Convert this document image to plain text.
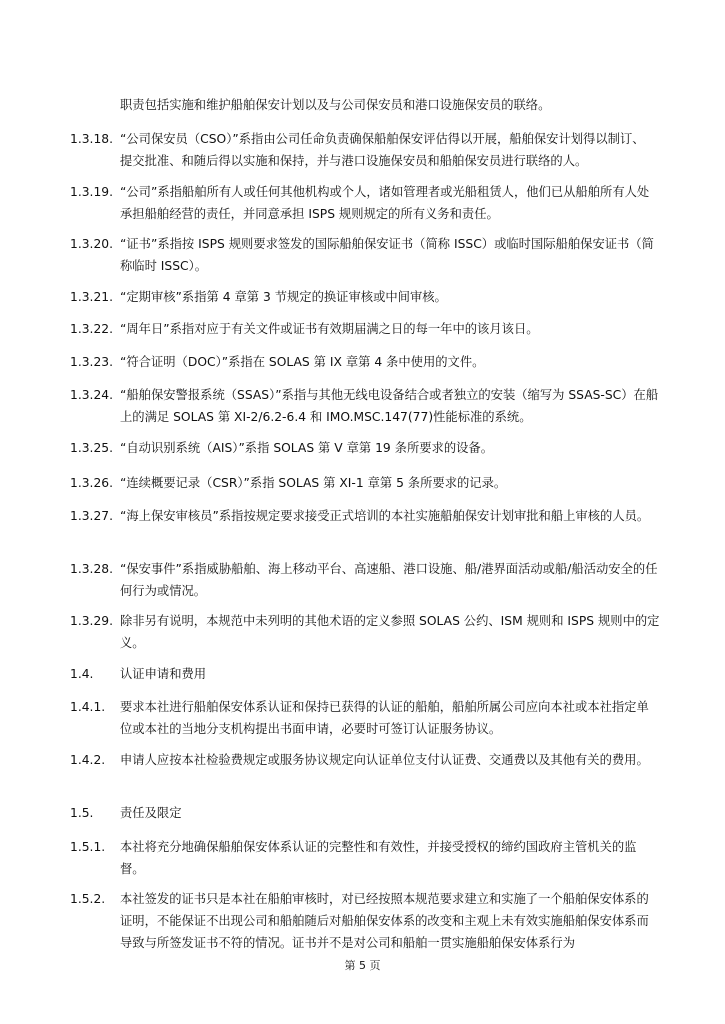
职责包括实施和维护船舶保安计划以及与公司保安员和港口设施保安员的联络。
1.3.18. “公司保安员（CSO）”系指由公司任命负责确保船舶保安评估得以开展，船舶保安计划得以制订、 提交批准、和随后得以实施和保持，并与港口设施保安员和船舶保安员进行联络的人。
1.3.19. “公司”系指船舶所有人或任何其他机构或个人，诸如管理者或光船租赁人，他们已从船舶所有人处承担船舶经营的责任，并同意承担 ISPS 规则规定的所有义务和责任。
1.3.20. “证书”系指按 ISPS 规则要求签发的国际船舶保安证书（简称 ISSC）或临时国际船舶保安证书（简称临时 ISSC）。
1.3.21. “定期审核”系指第 4 章第 3 节规定的换证审核或中间审核。
1.3.22. “周年日”系指对应于有关文件或证书有效期届满之日的每一年中的该月该日。
1.3.23. “符合证明（DOC）”系指在 SOLAS 第 IX 章第 4 条中使用的文件。
1.3.24. “船舶保安警报系统（SSAS）”系指与其他无线电设备结合或者独立的安装（缩写为 SSAS-SC）在船上的满足 SOLAS 第 XI-2/6.2-6.4 和 IMO.MSC.147(77)性能标准的系统。
1.3.25. “自动识别系统（AIS）”系指 SOLAS 第 V 章第 19 条所要求的设备。
1.3.26. “连续概要记录（CSR）”系指 SOLAS 第 XI-1 章第 5 条所要求的记录。
1.3.27. “海上保安审核员”系指按规定要求接受正式培训的本社实施船舶保安计划审批和船上审核的人员。
1.3.28. “保安事件”系指威胁船舶、海上移动平台、高速船、港口设施、船/港界面活动或船/船活动安全的任何行为或情况。
1.3.29. 除非另有说明，本规范中未列明的其他术语的定义参照 SOLAS 公约、ISM 规则和 ISPS 规则中的定义。
1.4.	认证申请和费用
1.4.1.	要求本社进行船舶保安体系认证和保持已获得的认证的船舶，船舶所属公司应向本社或本社指定单位或本社的当地分支机构提出书面申请，必要时可签订认证服务协议。
1.4.2.	申请人应按本社检验费规定或服务协议规定向认证单位支付认证费、交通费以及其他有关的费用。
1.5.	责任及限定
1.5.1.	本社将充分地确保船舶保安体系认证的完整性和有效性，并接受授权的缔约国政府主管机关的监督。
1.5.2.	本社签发的证书只是本社在船舶审核时，对已经按照本规范要求建立和实施了一个船舶保安体系的证明，不能保证不出现公司和船舶随后对船舶保安体系的改变和主观上未有效实施船舶保安体系而导致与所签发证书不符的情况。证书并不是对公司和船舶一贯实施船舶保安体系行为
第 5 页
